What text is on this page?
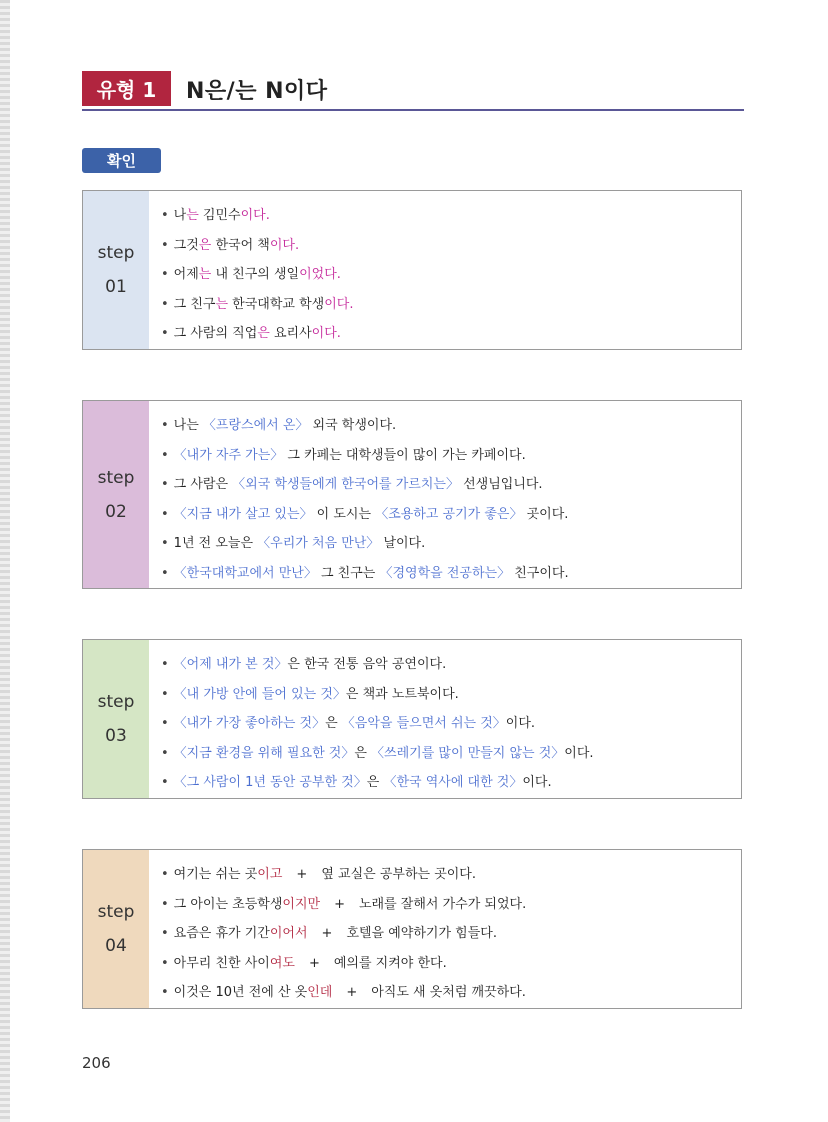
유형 1	N은/는 N이다
확인
step
01
• 나는 김민수이다.
• 그것은 한국어 책이다.
• 어제는 내 친구의 생일이었다.
• 그 친구는 한국대학교 학생이다.
• 그 사람의 직업은 요리사이다.
step
02
• 나는 〈프랑스에서 온〉 외국 학생이다.
• 〈내가 자주 가는〉 그 카페는 대학생들이 많이 가는 카페이다.
• 그 사람은 〈외국 학생들에게 한국어를 가르치는〉 선생님입니다.
• 〈지금 내가 살고 있는〉 이 도시는 〈조용하고 공기가 좋은〉 곳이다.
• 1년 전 오늘은 〈우리가 처음 만난〉 날이다.
• 〈한국대학교에서 만난〉 그 친구는 〈경영학을 전공하는〉 친구이다.
step
03
• 〈어제 내가 본 것〉은 한국 전통 음악 공연이다.
• 〈내 가방 안에 들어 있는 것〉은 책과 노트북이다.
• 〈내가 가장 좋아하는 것〉은 〈음악을 들으면서 쉬는 것〉이다.
• 〈지금 환경을 위해 필요한 것〉은 〈쓰레기를 많이 만들지 않는 것〉이다.
• 〈그 사람이 1년 동안 공부한 것〉은 〈한국 역사에 대한 것〉이다.
step
04
• 여기는 쉬는 곳이고 + 옆 교실은 공부하는 곳이다.
• 그 아이는 초등학생이지만 + 노래를 잘해서 가수가 되었다.
• 요즘은 휴가 기간이어서 + 호텔을 예약하기가 힘들다.
• 아무리 친한 사이여도 + 예의를 지켜야 한다.
• 이것은 10년 전에 산 옷인데 + 아직도 새 옷처럼 깨끗하다.
206
